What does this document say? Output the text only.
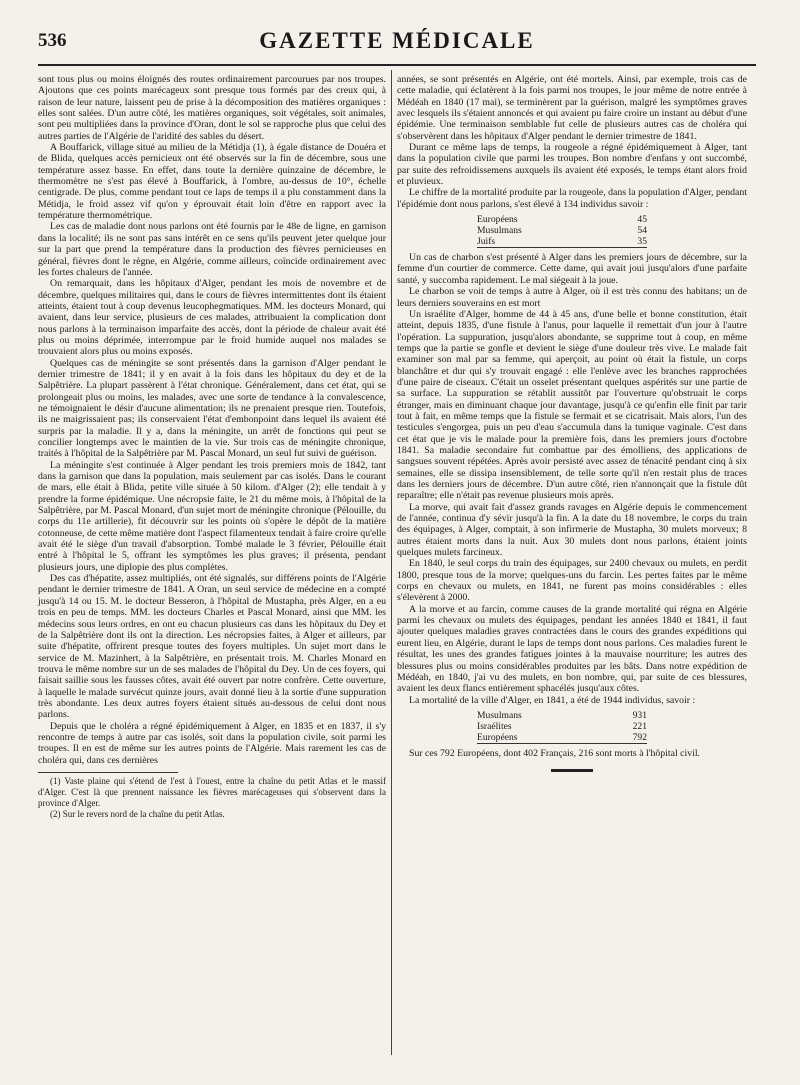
536	GAZETTE MÉDICALE

sont tous plus ou moins éloignés des routes ordinairement parcourues par nos troupes. Ajoutons que ces points marécageux sont presque tous formés par des creux qui, à raison de leur nature, laissent peu de prise à la décomposition des matières organiques : elles sont salées. D'un autre côté, les matières organiques, soit végétales, soit animales, sont peu multipliées dans la province d'Oran, dont le sol se rapproche plus que celui des autres parties de l'Algérie de l'aridité des sables du désert.

A Bouffarick, village situé au milieu de la Métidja (1), à égale distance de Douéra et de Blida, quelques accès pernicieux ont été observés sur la fin de décembre, sous une température assez basse. En effet, dans toute la dernière quinzaine de décembre, le thermomètre ne s'est pas élevé à Bouffarick, à l'ombre, au-dessus de 10°, échelle centigrade. De plus, comme pendant tout ce laps de temps il a plu constamment dans la Métidja, le froid assez vif qu'on y éprouvait était loin d'être en rapport avec la température thermométrique.

Les cas de maladie dont nous parlons ont été fournis par le 48e de ligne, en garnison dans la localité; ils ne sont pas sans intérêt en ce sens qu'ils peuvent jeter quelque jour sur la part que prend la température dans la production des fièvres pernicieuses en général, fièvres dont le règne, en Algérie, comme ailleurs, coïncide ordinairement avec les fortes chaleurs de l'année.

On remarquait, dans les hôpitaux d'Alger, pendant les mois de novembre et de décembre, quelques militaires qui, dans le cours de fièvres intermittentes dont ils étaient atteints, étaient tout à coup devenus leucophegmatiques. MM. les docteurs Monard, qui avaient, dans leur service, plusieurs de ces malades, attribuaient la complication dont nous parlons à la terminaison imparfaite des accès, dont la période de chaleur avait été plus ou moins déprimée, interrompue par le froid humide auquel nos malades se trouvaient alors plus ou moins exposés.

Quelques cas de méningite se sont présentés dans la garnison d'Alger pendant le dernier trimestre de 1841; il y en avait à la fois dans les hôpitaux du dey et de la Salpêtrière. La plupart passèrent à l'état chronique. Généralement, dans cet état, qui se prolongeait plus ou moins, les malades, avec une sorte de tendance à la convalescence, ne témoignaient le désir d'aucune alimentation; ils ne prenaient presque rien. Toutefois, ils ne maigrissaient pas; ils conservaient l'état d'embonpoint dans lequel ils avaient été surpris par la maladie. Il y a, dans la méningite, un arrêt de fonctions qui peut se concilier longtemps avec le maintien de la vie. Sur trois cas de méningite chronique, traités à l'hôpital de la Salpêtrière par M. Pascal Monard, un seul fut suivi de guérison.

La méningite s'est continuée à Alger pendant les trois premiers mois de 1842, tant dans la garnison que dans la population, mais seulement par cas isolés. Dans le courant de mars, elle était à Blida, petite ville située à 50 kilom. d'Alger (2); elle tendait à y prendre la forme épidémique. Une nécropsie faite, le 21 du même mois, à l'hôpital de la Salpêtrière, par M. Pascal Monard, d'un sujet mort de méningite chronique (Pélouille, du corps du 11e artillerie), fit découvrir sur les points où s'opère le dépôt de la matière cotonneuse, de cette même matière dont l'aspect filamenteux tendait à faire croire qu'elle avait été le siège d'un travail d'absorption. Tombé malade le 3 février, Pélouille était entré à l'hôpital le 5, offrant les symptômes les plus graves; il présenta, pendant plusieurs jours, une diplopie des plus complètes.

Des cas d'hépatite, assez multipliés, ont été signalés, sur différens points de l'Algérie pendant le dernier trimestre de 1841. A Oran, un seul service de médecine en a compté jusqu'à 14 ou 15. M. le docteur Besseron, à l'hôpital de Mustapha, près Alger, en a eu trois en peu de temps. MM. les docteurs Charles et Pascal Monard, ainsi que MM. les médecins sous leurs ordres, en ont eu chacun plusieurs cas dans les hôpitaux du Dey et de la Salpêtrière dont ils ont la direction. Les nécropsies faites, à Alger et ailleurs, par suite d'hépatite, offrirent presque toutes des foyers multiples. Un sujet mort dans le service de M. Mazinhert, à la Salpêtrière, en présentait trois. M. Charles Monard en trouva le même nombre sur un de ses malades de l'hôpital du Dey. Un de ces foyers, qui faisait saillie sous les fausses côtes, avait été ouvert par notre confrère. Cette ouverture, à laquelle le malade survécut quinze jours, avait donné lieu à la sortie d'une suppuration très abondante. Les deux autres foyers étaient situés au-dessous de celui dont nous parlons.

Depuis que le choléra a régné épidémiquement à Alger, en 1835 et en 1837, il s'y rencontre de temps à autre par cas isolés, soit dans la population civile, soit parmi les troupes. Il en est de même sur les autres points de l'Algérie. Mais rarement les cas de choléra qui, dans ces dernières

(1) Vaste plaine qui s'étend de l'est à l'ouest, entre la chaîne du petit Atlas et le massif d'Alger. C'est là que prennent naissance les fièvres marécageuses qui s'observent dans la province d'Alger.

(2) Sur le revers nord de la chaîne du petit Atlas.

années, se sont présentés en Algérie, ont été mortels. Ainsi, par exemple, trois cas de cette maladie, qui éclatèrent à la fois parmi nos troupes, le jour même de notre entrée à Médéah en 1840 (17 mai), se terminèrent par la guérison, malgré les symptômes graves avec lesquels ils s'étaient annoncés et qui avaient pu faire croire un instant au début d'une épidémie. Une terminaison semblable fut celle de plusieurs autres cas de choléra qui s'observèrent dans les hôpitaux d'Alger pendant le dernier trimestre de 1841.

Durant ce même laps de temps, la rougeole a régné épidémiquement à Alger, tant dans la population civile que parmi les troupes. Bon nombre d'enfans y ont succombé, par suite des refroidissemens auxquels ils avaient été exposés, le temps étant alors froid et pluvieux.

Le chiffre de la mortalité produite par la rougeole, dans la population d'Alger, pendant l'épidémie dont nous parlons, s'est élevé à 134 individus savoir :

Européens	45
Musulmans	54
Juifs	35

Un cas de charbon s'est présenté à Alger dans les premiers jours de décembre, sur la femme d'un courtier de commerce. Cette dame, qui avait joui jusqu'alors d'une parfaite santé, y succomba rapidement. Le mal siégeait à la joue.

Le charbon se voit de temps à autre à Alger, où il est très connu des habitans; un de leurs derniers souverains en est mort

Un israélite d'Alger, homme de 44 à 45 ans, d'une belle et bonne constitution, était atteint, depuis 1835, d'une fistule à l'anus, pour laquelle il remettait d'un jour à l'autre l'opération. La suppuration, jusqu'alors abondante, se supprime tout à coup, en même temps que la partie se gonfle et devient le siège d'une douleur très vive. Le malade fait examiner son mal par sa femme, qui aperçoit, au point où était la fistule, un corps blanchâtre et dur qui s'y trouvait engagé : elle l'enlève avec les branches rapprochées d'une paire de ciseaux. C'était un osselet présentant quelques aspérités sur une partie de sa surface. La suppuration se rétablit aussitôt par l'ouverture qu'obstruait le corps étranger, mais en diminuant chaque jour davantage, jusqu'à ce qu'enfin elle finit par tarir tout à fait, en même temps que la fistule se fermait et se cicatrisait. Mais alors, l'un des testicules s'engorgea, puis un peu d'eau s'accumula dans la tunique vaginale. C'est dans cet état que je vis le malade pour la première fois, dans les premiers jours d'octobre 1841. Sa maladie secondaire fut combattue par des émolliens, des applications de sangsues souvent répétées. Après avoir persisté avec assez de ténacité pendant cinq à six semaines, elle se dissipa insensiblement, de telle sorte qu'il n'en restait plus de traces dans les derniers jours de décembre. D'un autre côté, rien n'annonçait que la fistule dût reparaître; elle n'était pas revenue plusieurs mois après.

La morve, qui avait fait d'assez grands ravages en Algérie depuis le commencement de l'année, continua d'y sévir jusqu'à la fin. A la date du 18 novembre, le corps du train des équipages, à Alger, comptait, à son infirmerie de Mustapha, 30 mulets morveux; 8 autres étaient morts dans la nuit. Aux 30 mulets dont nous parlons, étaient joints quelques mulets farcineux.

En 1840, le seul corps du train des équipages, sur 2400 chevaux ou mulets, en perdit 1800, presque tous de la morve; quelques-uns du farcin. Les pertes faites par le même corps en chevaux ou mulets, en 1841, ne furent pas moins considérables : elles s'élevèrent à 2000.

A la morve et au farcin, comme causes de la grande mortalité qui régna en Algérie parmi les chevaux ou mulets des équipages, pendant les années 1840 et 1841, il faut ajouter quelques maladies graves contractées dans le cours des grandes expéditions qui eurent lieu, en Algérie, durant le laps de temps dont nous parlons. Ces maladies furent le résultat, les unes des grandes fatigues jointes à la mauvaise nourriture; les autres des blessures plus ou moins considérables produites par les bâts. Dans notre expédition de Médéah, en 1840, j'ai vu des mulets, en bon nombre, qui, par suite de ces blessures, avaient les deux flancs entièrement sphacélés jusqu'aux côtes.

La mortalité de la ville d'Alger, en 1841, a été de 1944 individus, savoir :

Musulmans	931
Israélites	221
Européens	792

Sur ces 792 Européens, dont 402 Français, 216 sont morts à l'hôpital civil.
